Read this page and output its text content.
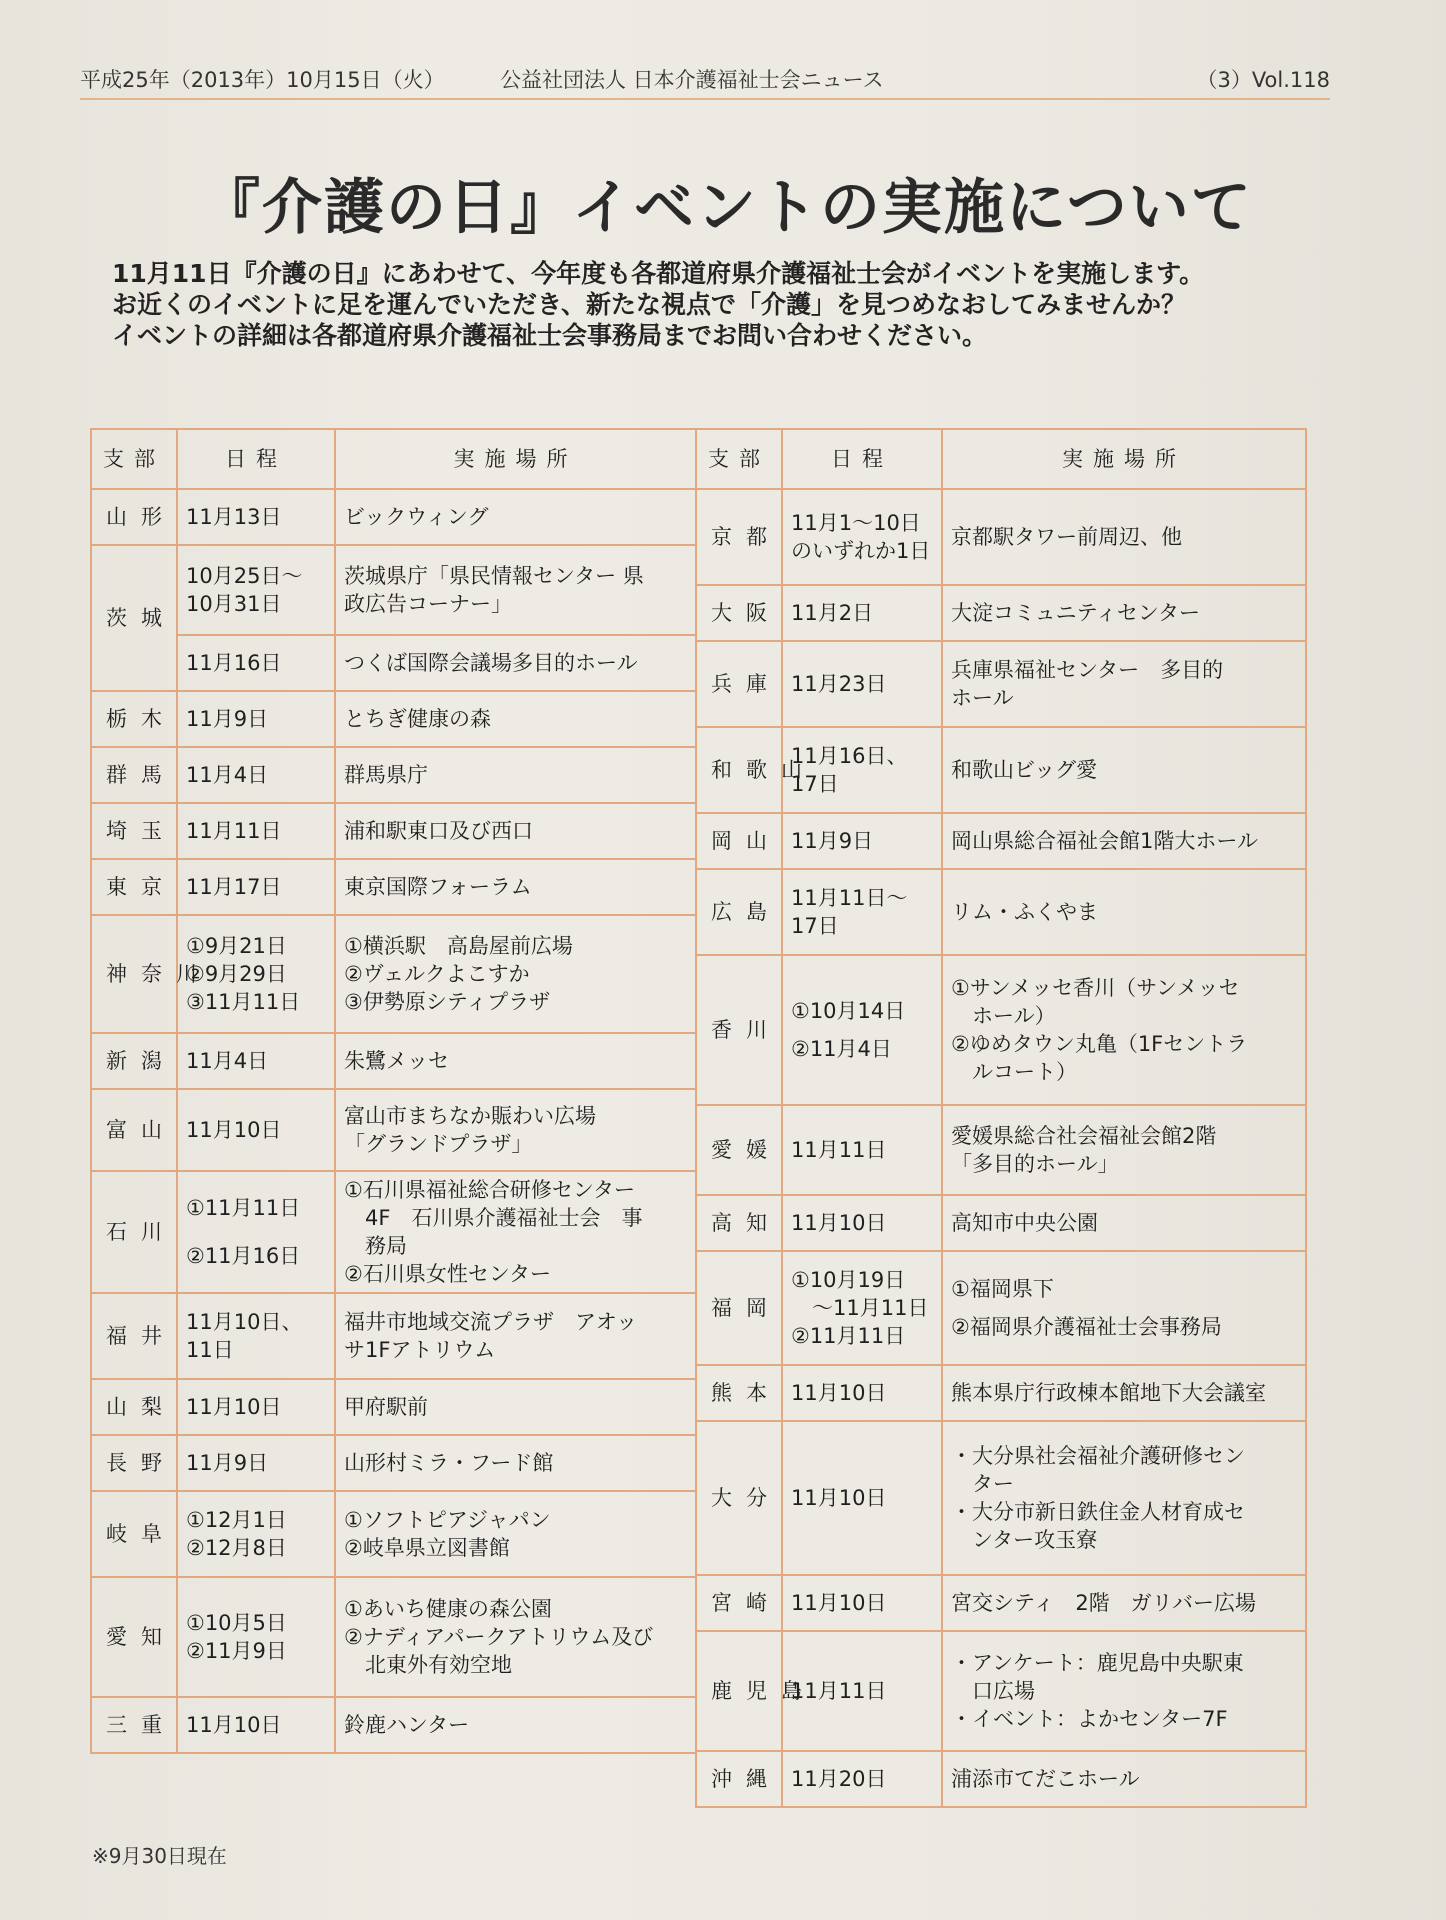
平成25年（2013年）10月15日（火）	公益社団法人 日本介護福祉士会ニュース	（3）Vol.118
『介護の日』イベントの実施について

11月11日『介護の日』にあわせて、今年度も各都道府県介護福祉士会がイベントを実施します。

お近くのイベントに足を運んでいただき、新たな視点で「介護」を見つめなおしてみませんか？

イベントの詳細は各都道府県介護福祉士会事務局までお問い合わせください。

支部	日程	実施場所
山形	11月13日	ビックウィング

茨城	10月25日～
10月31日	茨城県庁「県民情報センター 県
政広告コーナー」

	11月16日	つくば国際会議場多目的ホール

栃木	11月9日	とちぎ健康の森

群馬	11月4日	群馬県庁

埼玉	11月11日	浦和駅東口及び西口

東京	11月17日	東京国際フォーラム

神奈川	①9月21日
②9月29日
③11月11日	①横浜駅　高島屋前広場
②ヴェルクよこすか
③伊勢原シティプラザ

新潟	11月4日	朱鷺メッセ

富山	11月10日	富山市まちなか賑わい広場
「グランドプラザ」

石川	①11月11日
②11月16日	①石川県福祉総合研修センター
　4F　石川県介護福祉士会　事
　務局
②石川県女性センター

福井	11月10日、
11日	福井市地域交流プラザ　アオッ
サ1Fアトリウム

山梨	11月10日	甲府駅前

長野	11月9日	山形村ミラ・フード館

岐阜	①12月1日
②12月8日	①ソフトピアジャパン
②岐阜県立図書館

愛知	①10月5日
②11月9日	①あいち健康の森公園
②ナディアパークアトリウム及び
　北東外有効空地

三重	11月10日	鈴鹿ハンター
支部	日程	実施場所
京都	11月1～10日
のいずれか1日	京都駅タワー前周辺、他

大阪	11月2日	大淀コミュニティセンター

兵庫	11月23日	兵庫県福祉センター　多目的
ホール

和歌山	11月16日、
17日	和歌山ビッグ愛

岡山	11月9日	岡山県総合福祉会館1階大ホール

広島	11月11日～
17日	リム・ふくやま

香川	①10月14日
②11月4日	①サンメッセ香川（サンメッセ
　ホール）
②ゆめタウン丸亀（1Fセントラ
　ルコート）

愛媛	11月11日	愛媛県総合社会福祉会館2階
「多目的ホール」

高知	11月10日	高知市中央公園

福岡	①10月19日
　～11月11日
②11月11日	①福岡県下
②福岡県介護福祉士会事務局

熊本	11月10日	熊本県庁行政棟本館地下大会議室

大分	11月10日	・大分県社会福祉介護研修セン
　ター
・大分市新日鉄住金人材育成セ
　ンター攻玉寮

宮崎	11月10日	宮交シティ　2階　ガリバー広場

鹿児島	11月11日	・アンケート：鹿児島中央駅東
　口広場
・イベント：よかセンター7F

沖縄	11月20日	浦添市てだこホール
※9月30日現在
